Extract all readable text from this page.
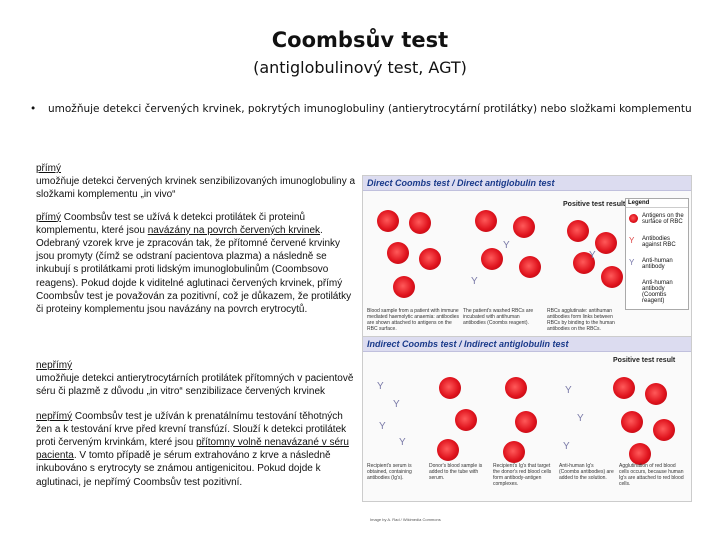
Coombsův test
(antiglobulinový test, AGT)
•	umožňuje detekci červených krvinek, pokrytých imunoglobuliny (antierytrocytární protilátky) nebo složkami komplementu
přímý
umožňuje detekci červených krvinek senzibilizovaných imunoglobuliny a složkami komplementu „in vivo“
přímý Coombsův test se užívá k detekci protilátek či proteinů komplementu, které jsou navázány na povrch červených krvinek. Odebraný vzorek krve je zpracován tak, že přítomné červené krvinky jsou promyty (čímž se odstraní pacientova plazma) a následně se inkubují s protilátkami proti lidským imunoglobulinům (Coombsovo reagens). Pokud dojde k viditelné aglutinaci červených krvinek, přímý Coombsův test je považován za pozitivní, což je důkazem, že protilátky či proteiny komplementu jsou navázány na povrch erytrocytů.
nepřímý
umožňuje detekci antierytrocytárních protilátek přítomných v pacientově séru či plazmě z důvodu „in vitro“ senzibilizace červených krvinek
nepřímý Coombsův test je užíván k prenatálnímu testování těhotných žen a k testování krve před krevní transfúzí. Slouží k detekci protilátek proti červeným krvinkám, které jsou přítomny volně nenavázané v séru pacienta. V tomto případě je sérum extrahováno z krve a následně inkubováno s erytrocyty se známou antigenicitou. Pokud dojde k aglutinaci, je nepřímý Coombsův test pozitivní.
Direct Coombs test / Direct antiglobulin test
Positive test result Legend
Antigens on the surface of RBC
Y Antibodies against RBC
Y Anti-human antibody
Anti-human antibody (Coombs reagent)
Y
Y
Y
Blood sample from a patient with immune mediated haemolytic anaemia: antibodies are shown attached to antigens on the RBC surface.
The patient's washed RBCs are incubated with antihuman antibodies (Coombs reagent).
RBCs agglutinate: antihuman antibodies form links between RBCs by binding to the human antibodies on the RBCs.
Indirect Coombs test / Indirect antiglobulin test
Positive test result
Y
Y
Y
Y
Y
Y
Y
Recipient's serum is obtained, containing antibodies (Ig's).
Donor's blood sample is added to the tube with serum.
Recipient's Ig's that target the donor's red blood cells form antibody-antigen complexes.
Anti-human Ig's (Coombs antibodies) are added to the solution.
Agglutination of red blood cells occurs, because human Ig's are attached to red blood cells.
Image by A. Rad / Wikimedia Commons
